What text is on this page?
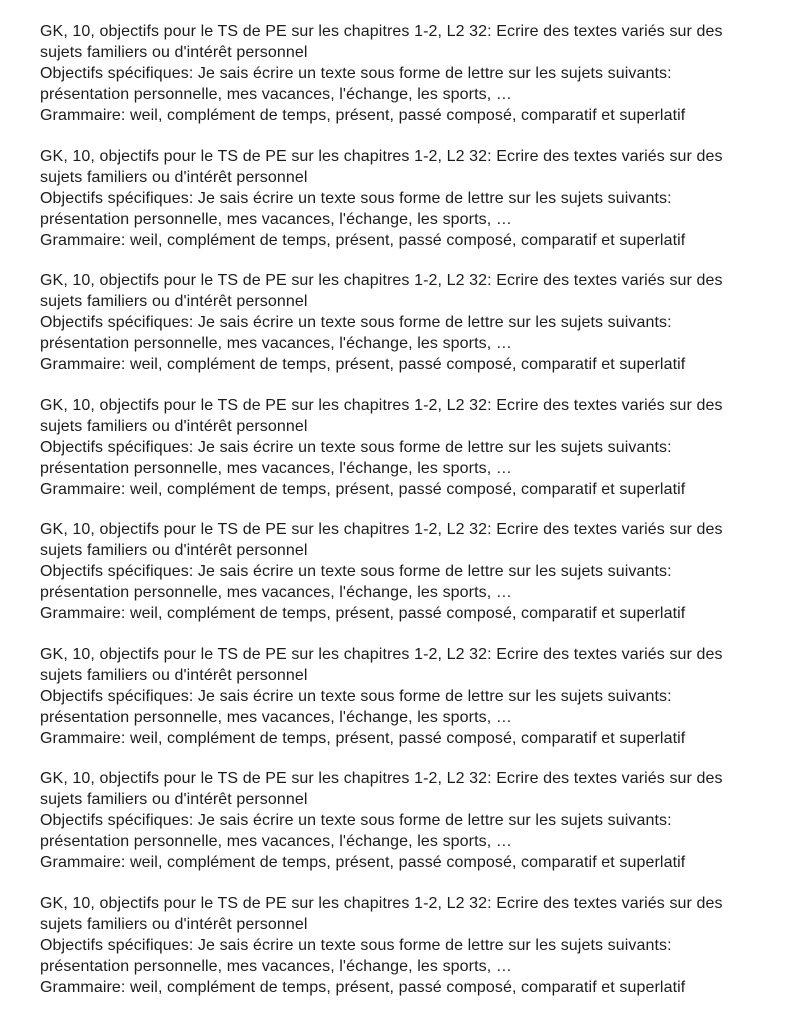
GK, 10, objectifs pour le TS de PE sur les chapitres 1-2, L2 32: Ecrire des textes variés sur des
sujets familiers ou d'intérêt personnel
Objectifs spécifiques: Je sais écrire un texte sous forme de lettre sur les sujets suivants:
présentation personnelle, mes vacances, l'échange, les sports, …
Grammaire: weil, complément de temps, présent, passé composé, comparatif et superlatif
GK, 10, objectifs pour le TS de PE sur les chapitres 1-2, L2 32: Ecrire des textes variés sur des
sujets familiers ou d'intérêt personnel
Objectifs spécifiques: Je sais écrire un texte sous forme de lettre sur les sujets suivants:
présentation personnelle, mes vacances, l'échange, les sports, …
Grammaire: weil, complément de temps, présent, passé composé, comparatif et superlatif
GK, 10, objectifs pour le TS de PE sur les chapitres 1-2, L2 32: Ecrire des textes variés sur des
sujets familiers ou d'intérêt personnel
Objectifs spécifiques: Je sais écrire un texte sous forme de lettre sur les sujets suivants:
présentation personnelle, mes vacances, l'échange, les sports, …
Grammaire: weil, complément de temps, présent, passé composé, comparatif et superlatif
GK, 10, objectifs pour le TS de PE sur les chapitres 1-2, L2 32: Ecrire des textes variés sur des
sujets familiers ou d'intérêt personnel
Objectifs spécifiques: Je sais écrire un texte sous forme de lettre sur les sujets suivants:
présentation personnelle, mes vacances, l'échange, les sports, …
Grammaire: weil, complément de temps, présent, passé composé, comparatif et superlatif
GK, 10, objectifs pour le TS de PE sur les chapitres 1-2, L2 32: Ecrire des textes variés sur des
sujets familiers ou d'intérêt personnel
Objectifs spécifiques: Je sais écrire un texte sous forme de lettre sur les sujets suivants:
présentation personnelle, mes vacances, l'échange, les sports, …
Grammaire: weil, complément de temps, présent, passé composé, comparatif et superlatif
GK, 10, objectifs pour le TS de PE sur les chapitres 1-2, L2 32: Ecrire des textes variés sur des
sujets familiers ou d'intérêt personnel
Objectifs spécifiques: Je sais écrire un texte sous forme de lettre sur les sujets suivants:
présentation personnelle, mes vacances, l'échange, les sports, …
Grammaire: weil, complément de temps, présent, passé composé, comparatif et superlatif
GK, 10, objectifs pour le TS de PE sur les chapitres 1-2, L2 32: Ecrire des textes variés sur des
sujets familiers ou d'intérêt personnel
Objectifs spécifiques: Je sais écrire un texte sous forme de lettre sur les sujets suivants:
présentation personnelle, mes vacances, l'échange, les sports, …
Grammaire: weil, complément de temps, présent, passé composé, comparatif et superlatif
GK, 10, objectifs pour le TS de PE sur les chapitres 1-2, L2 32: Ecrire des textes variés sur des
sujets familiers ou d'intérêt personnel
Objectifs spécifiques: Je sais écrire un texte sous forme de lettre sur les sujets suivants:
présentation personnelle, mes vacances, l'échange, les sports, …
Grammaire: weil, complément de temps, présent, passé composé, comparatif et superlatif
